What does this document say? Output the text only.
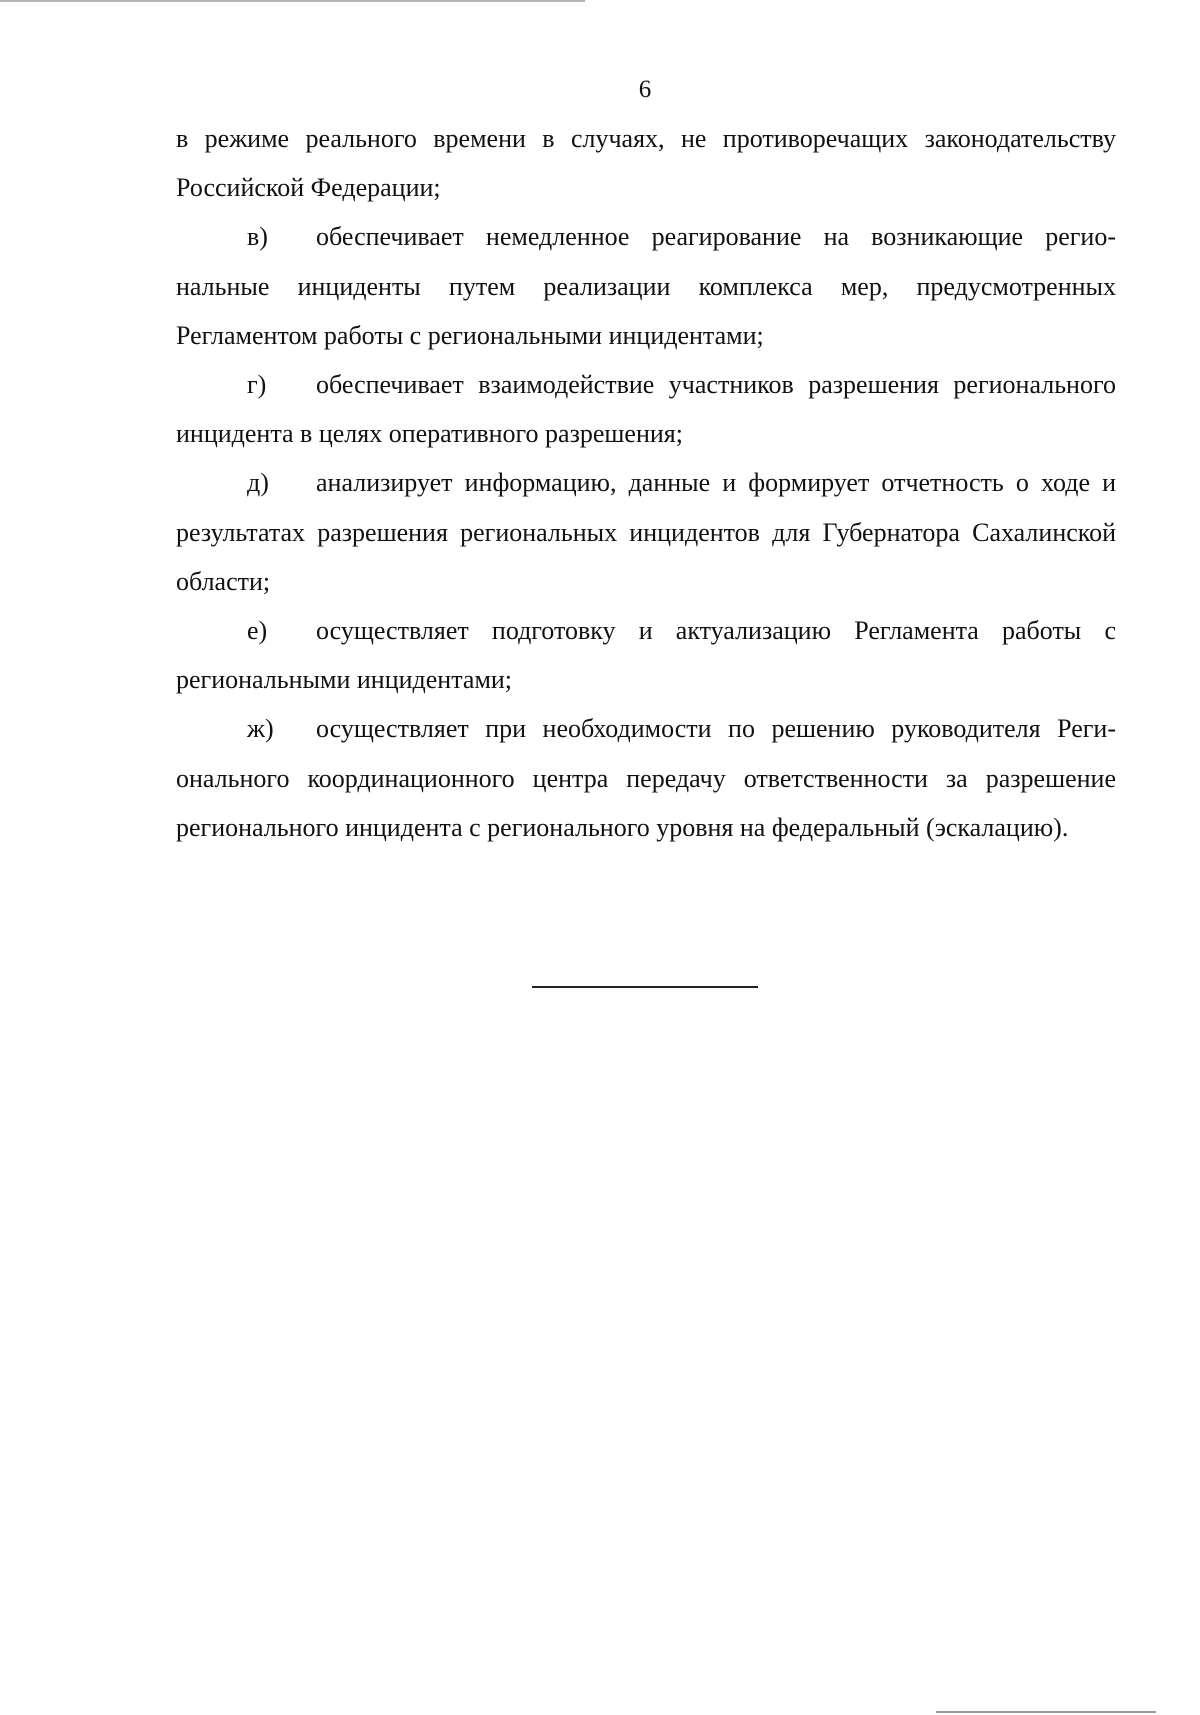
6

в режиме реального времени в случаях, не противоречащих законодательству Российской Федерации;

в) обеспечивает немедленное реагирование на возникающие региональные инциденты путем реализации комплекса мер, предусмотренных Регламентом работы с региональными инцидентами;

г) обеспечивает взаимодействие участников разрешения регионального инцидента в целях оперативного разрешения;

д) анализирует информацию, данные и формирует отчетность о ходе и результатах разрешения региональных инцидентов для Губернатора Сахалинской области;

е) осуществляет подготовку и актуализацию Регламента работы с региональными инцидентами;

ж) осуществляет при необходимости по решению руководителя Регионального координационного центра передачу ответственности за разрешение регионального инцидента с регионального уровня на федеральный (эскалацию).
